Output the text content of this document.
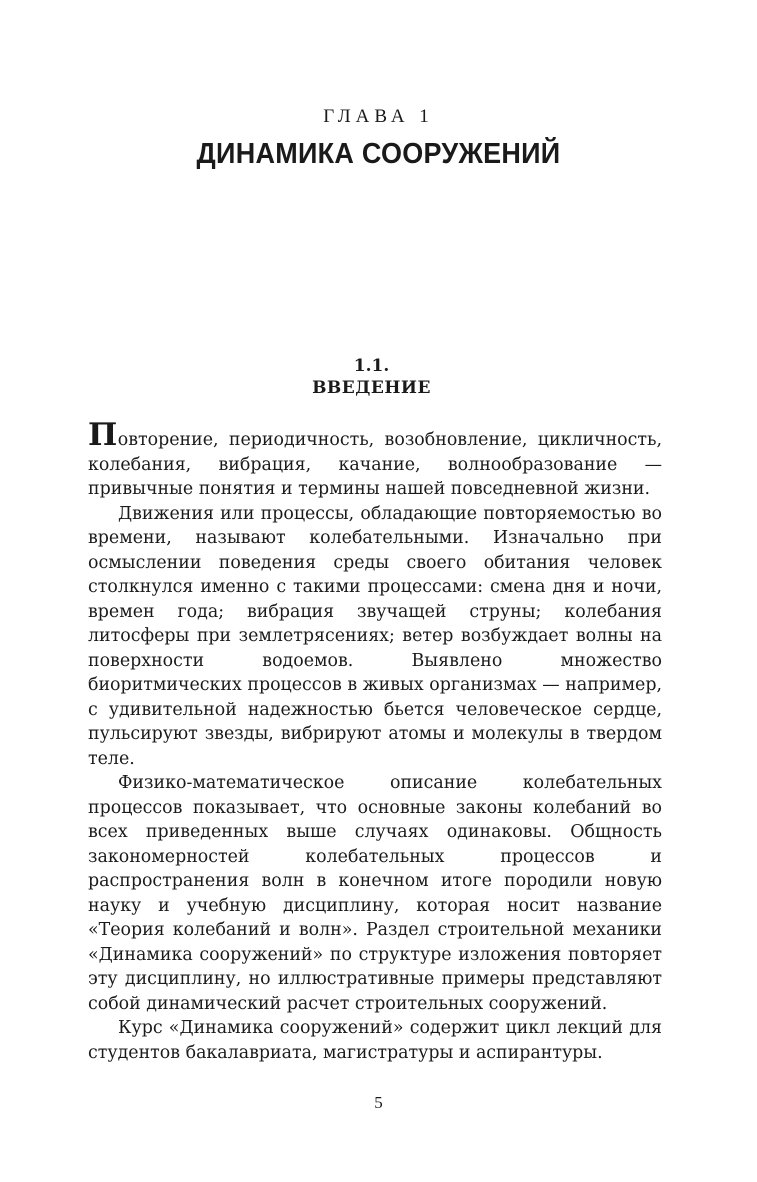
ГЛАВА 1
ДИНАМИКА СООРУЖЕНИЙ
1.1.
ВВЕДЕНИЕ

Повторение, периодичность, возобновление, цикличность, колебания, вибрация, качание, волнообразование — привычные понятия и термины нашей повседневной жизни.

Движения или процессы, обладающие повторяемостью во времени, называют колебательными. Изначально при осмыслении поведения среды своего обитания человек столкнулся именно с такими процессами: смена дня и ночи, времен года; вибрация звучащей струны; колебания литосферы при землетрясениях; ветер возбуждает волны на поверхности водоемов. Выявлено множество биоритмических процессов в живых организмах — например, с удивительной надежностью бьется человеческое сердце, пульсируют звезды, вибрируют атомы и молекулы в твердом теле.

Физико-математическое описание колебательных процессов показывает, что основные законы колебаний во всех приведенных выше случаях одинаковы. Общность закономерностей колебательных процессов и распространения волн в конечном итоге породили новую науку и учебную дисциплину, которая носит название «Теория колебаний и волн». Раздел строительной механики «Динамика сооружений» по структуре изложения повторяет эту дисциплину, но иллюстративные примеры представляют собой динамический расчет строительных сооружений.

Курс «Динамика сооружений» содержит цикл лекций для студентов бакалавриата, магистратуры и аспирантуры.

5
